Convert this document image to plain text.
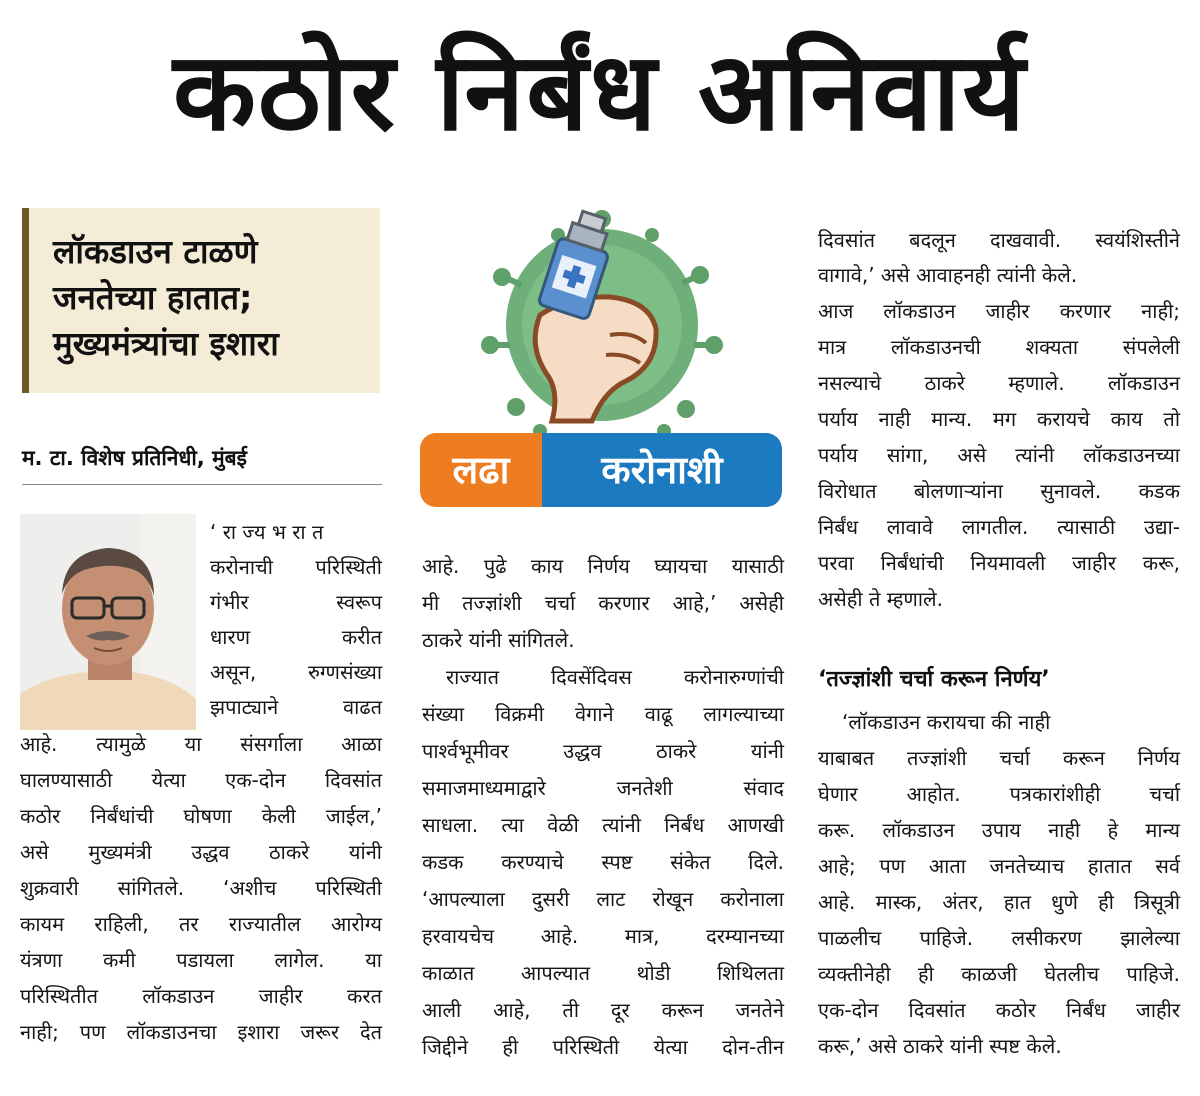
कठोर निर्बंध अनिवार्य
लॉकडाउन टाळणे
जनतेच्या हातात;
मुख्यमंत्र्यांचा इशारा
म. टा. विशेष प्रतिनिधी, मुंबई
‘ रा ज्य भ रा त
करोनाची परिस्थिती
गंभीर स्वरूप
धारण करीत
असून, रुग्णसंख्या
झपाट्याने वाढत
आहे. त्यामुळे या संसर्गाला आळा
घालण्यासाठी येत्या एक-दोन दिवसांत
कठोर निर्बंधांची घोषणा केली जाईल,’
असे मुख्यमंत्री उद्धव ठाकरे यांनी
शुक्रवारी सांगितले. ‘अशीच परिस्थिती
कायम राहिली, तर राज्यातील आरोग्य
यंत्रणा कमी पडायला लागेल. या
परिस्थितीत लॉकडाउन जाहीर करत
नाही; पण लॉकडाउनचा इशारा जरूर देत
लढा	करोनाशी
आहे. पुढे काय निर्णय घ्यायचा यासाठी
मी तज्ज्ञांशी चर्चा करणार आहे,’ असेही
ठाकरे यांनी सांगितले.
राज्यात दिवसेंदिवस करोनारुग्णांची
संख्या विक्रमी वेगाने वाढू लागल्याच्या
पार्श्वभूमीवर उद्धव ठाकरे यांनी
समाजमाध्यमाद्वारे जनतेशी संवाद
साधला. त्या वेळी त्यांनी निर्बंध आणखी
कडक करण्याचे स्पष्ट संकेत दिले.
‘आपल्याला दुसरी लाट रोखून करोनाला
हरवायचेच आहे. मात्र, दरम्यानच्या
काळात आपल्यात थोडी शिथिलता
आली आहे, ती दूर करून जनतेने
जिद्दीने ही परिस्थिती येत्या दोन-तीन
दिवसांत बदलून दाखवावी. स्वयंशिस्तीने
वागावे,’ असे आवाहनही त्यांनी केले.
आज लॉकडाउन जाहीर करणार नाही;
मात्र लॉकडाउनची शक्यता संपलेली
नसल्याचे ठाकरे म्हणाले. लॉकडाउन
पर्याय नाही मान्य. मग करायचे काय तो
पर्याय सांगा, असे त्यांनी लॉकडाउनच्या
विरोधात बोलणाऱ्यांना सुनावले. कडक
निर्बंध लावावे लागतील. त्यासाठी उद्या-
परवा निर्बंधांची नियमावली जाहीर करू,
असेही ते म्हणाले.
‘तज्ज्ञांशी चर्चा करून निर्णय’
‘लॉकडाउन करायचा की नाही
याबाबत तज्ज्ञांशी चर्चा करून निर्णय
घेणार आहोत. पत्रकारांशीही चर्चा
करू. लॉकडाउन उपाय नाही हे मान्य
आहे; पण आता जनतेच्याच हातात सर्व
आहे. मास्क, अंतर, हात धुणे ही त्रिसूत्री
पाळलीच पाहिजे. लसीकरण झालेल्या
व्यक्तीनेही ही काळजी घेतलीच पाहिजे.
एक-दोन दिवसांत कठोर निर्बंध जाहीर
करू,’ असे ठाकरे यांनी स्पष्ट केले.
